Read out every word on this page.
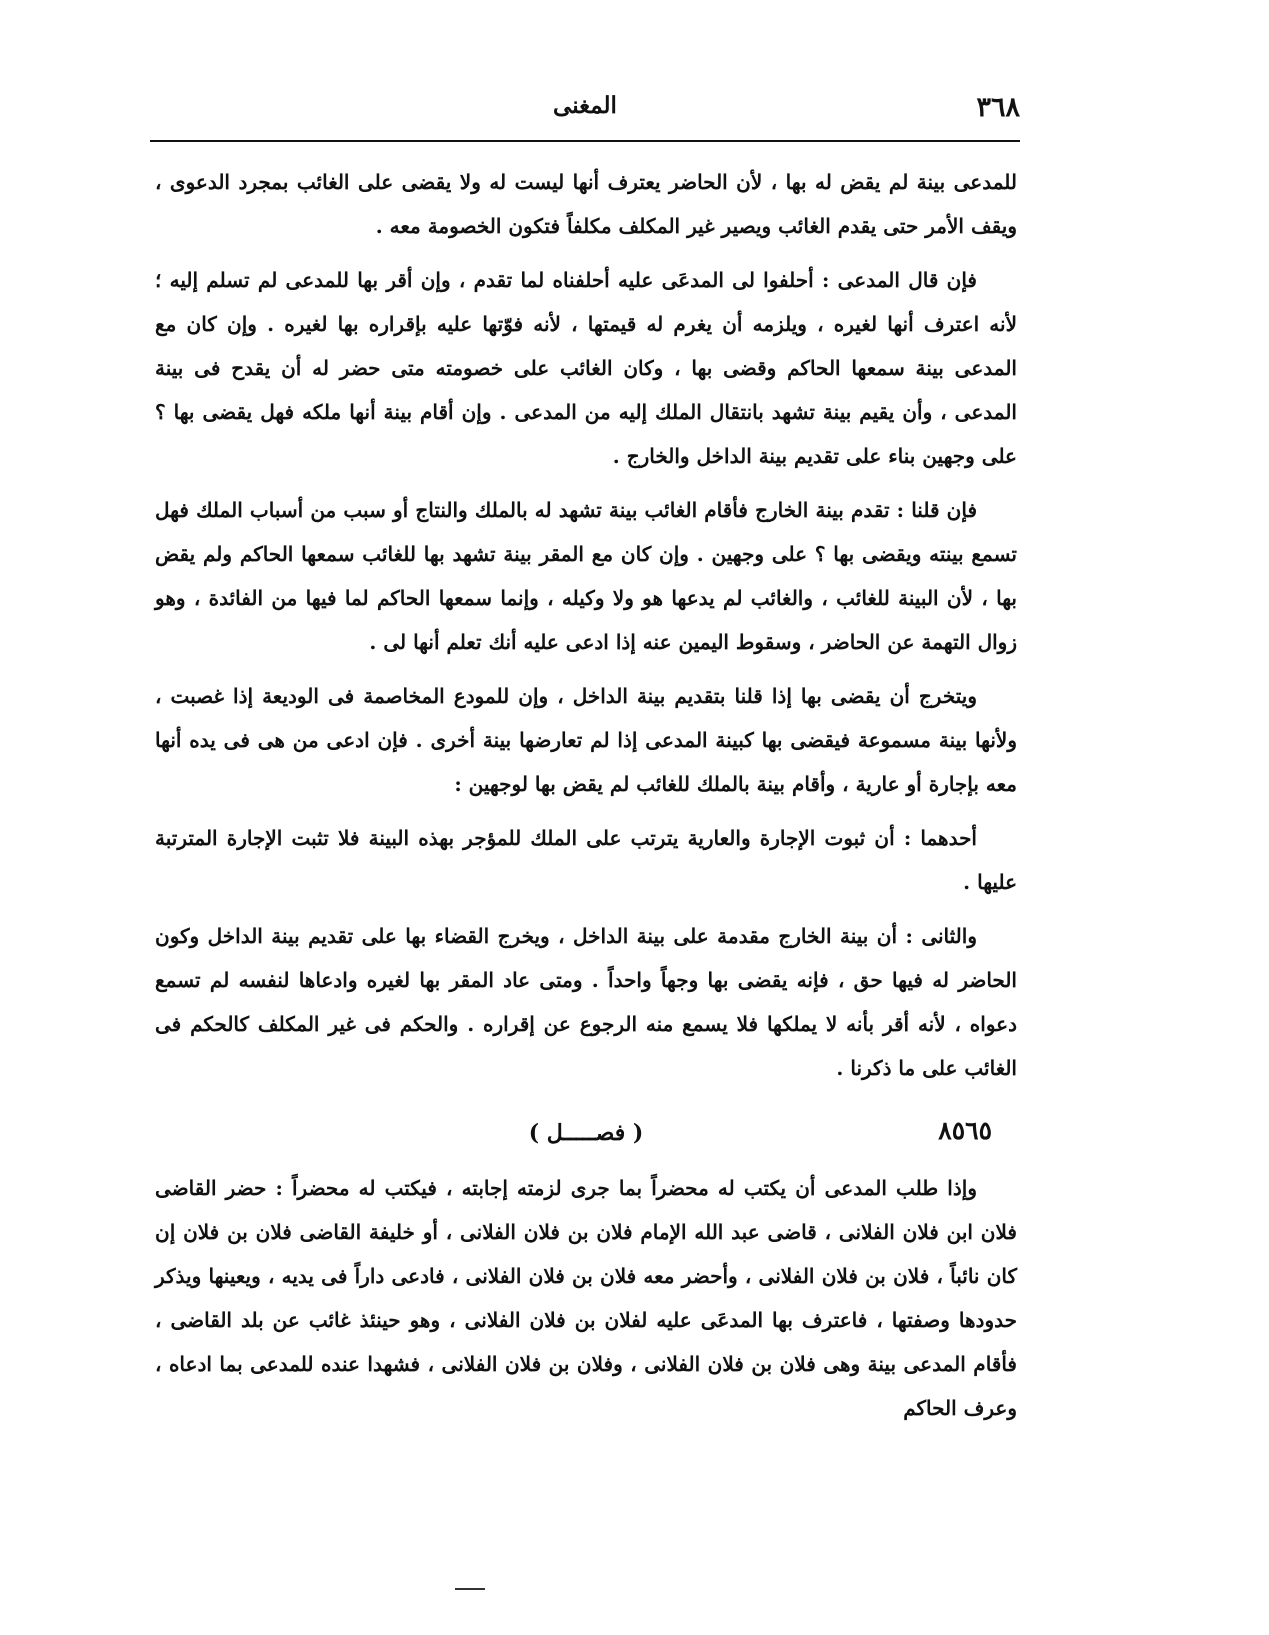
٣٦٨
المغنى

للمدعى بينة لم يقض له بها ، لأن الحاضر يعترف أنها ليست له ولا يقضى على الغائب بمجرد الدعوى ، ويقف الأمر حتى يقدم الغائب ويصير غير المكلف مكلفاً فتكون الخصومة معه .

فإن قال المدعى : أحلفوا لى المدعَى عليه أحلفناه لما تقدم ، وإن أقر بها للمدعى لم تسلم إليه ؛ لأنه اعترف أنها لغيره ، ويلزمه أن يغرم له قيمتها ، لأنه فوّتها عليه بإقراره بها لغيره . وإن كان مع المدعى بينة سمعها الحاكم وقضى بها ، وكان الغائب على خصومته متى حضر له أن يقدح فى بينة المدعى ، وأن يقيم بينة تشهد بانتقال الملك إليه من المدعى . وإن أقام بينة أنها ملكه فهل يقضى بها ؟ على وجهين بناء على تقديم بينة الداخل والخارج .

فإن قلنا : تقدم بينة الخارج فأقام الغائب بينة تشهد له بالملك والنتاج أو سبب من أسباب الملك فهل تسمع بينته ويقضى بها ؟ على وجهين . وإن كان مع المقر بينة تشهد بها للغائب سمعها الحاكم ولم يقض بها ، لأن البينة للغائب ، والغائب لم يدعها هو ولا وكيله ، وإنما سمعها الحاكم لما فيها من الفائدة ، وهو زوال التهمة عن الحاضر ، وسقوط اليمين عنه إذا ادعى عليه أنك تعلم أنها لى .

ويتخرج أن يقضى بها إذا قلنا بتقديم بينة الداخل ، وإن للمودع المخاصمة فى الوديعة إذا غصبت ، ولأنها بينة مسموعة فيقضى بها كبينة المدعى إذا لم تعارضها بينة أخرى . فإن ادعى من هى فى يده أنها معه بإجارة أو عارية ، وأقام بينة بالملك للغائب لم يقض بها لوجهين :

أحدهما : أن ثبوت الإجارة والعارية يترتب على الملك للمؤجر بهذه البينة فلا تثبت الإجارة المترتبة عليها .

والثانى : أن بينة الخارج مقدمة على بينة الداخل ، ويخرج القضاء بها على تقديم بينة الداخل وكون الحاضر له فيها حق ، فإنه يقضى بها وجهاً واحداً . ومتى عاد المقر بها لغيره وادعاها لنفسه لم تسمع دعواه ، لأنه أقر بأنه لا يملكها فلا يسمع منه الرجوع عن إقراره . والحكم فى غير المكلف كالحكم فى الغائب على ما ذكرنا .

٨٥٦٥
( فصـــــل )

وإذا طلب المدعى أن يكتب له محضراً بما جرى لزمته إجابته ، فيكتب له محضراً : حضر القاضى فلان ابن فلان الفلانى ، قاضى عبد الله الإمام فلان بن فلان الفلانى ، أو خليفة القاضى فلان بن فلان إن كان نائباً ، فلان بن فلان الفلانى ، وأحضر معه فلان بن فلان الفلانى ، فادعى داراً فى يديه ، ويعينها ويذكر حدودها وصفتها ، فاعترف بها المدعَى عليه لفلان بن فلان الفلانى ، وهو حينئذ غائب عن بلد القاضى ، فأقام المدعى بينة وهى فلان بن فلان الفلانى ، وفلان بن فلان الفلانى ، فشهدا عنده للمدعى بما ادعاه ، وعرف الحاكم
